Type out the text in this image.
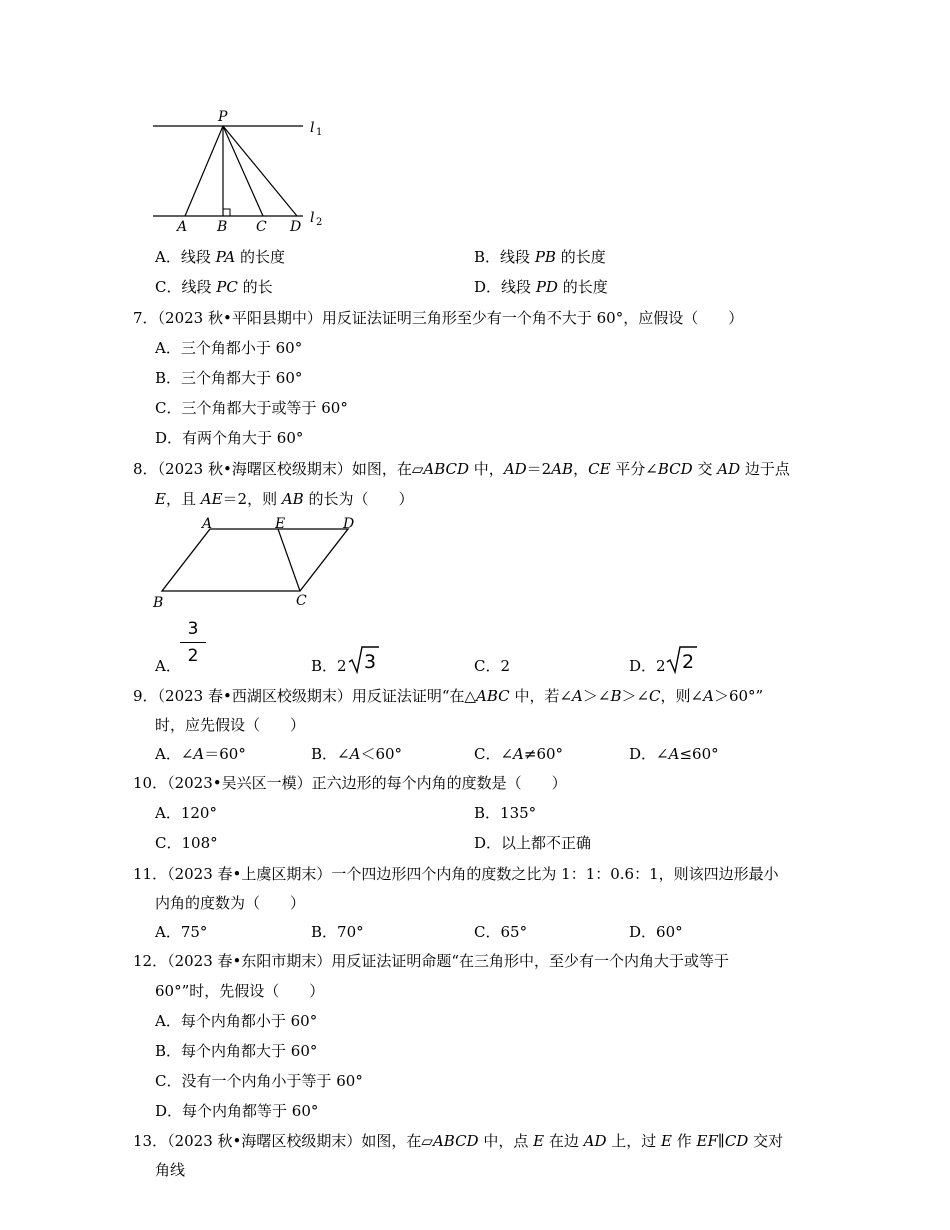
P
l 1
l 2
A B C D
A．线段 PA 的长度	B．线段 PB 的长度
C．线段 PC 的长	D．线段 PD 的长度
7．（2023 秋•平阳县期中）用反证法证明三角形至少有一个角不大于 60°，应假设（　　）
A．三个角都小于 60°
B．三个角都大于 60°
C．三个角都大于或等于 60°
D．有两个角大于 60°
8．（2023 秋•海曙区校级期末）如图，在▱ABCD 中，AD＝2AB，CE 平分∠BCD 交 AD 边于点
E，且 AE＝2，则 AB 的长为（　　）
A	E	D
B	C
A．
3
2	B．2 3	C．2	D．2 2
9．（2023 春•西湖区校级期末）用反证法证明“在△ABC 中，若∠A＞∠B＞∠C，则∠A＞60°”
时，应先假设（　　）
A．∠A＝60°	B．∠A＜60°	C．∠A≠60°	D．∠A≤60°
10．（2023•吴兴区一模）正六边形的每个内角的度数是（　　）
A．120°	B．135°
C．108°	D．以上都不正确
11．（2023 春•上虞区期末）一个四边形四个内角的度数之比为 1：1：0.6：1，则该四边形最小
内角的度数为（　　）
A．75°	B．70°	C．65°	D．60°
12．（2023 春•东阳市期末）用反证法证明命题“在三角形中，至少有一个内角大于或等于
60°”时，先假设（　　）
A．每个内角都小于 60°
B．每个内角都大于 60°
C．没有一个内角小于等于 60°
D．每个内角都等于 60°
13．（2023 秋•海曙区校级期末）如图，在▱ABCD 中，点 E 在边 AD 上，过 E 作 EF∥CD 交对
角线
